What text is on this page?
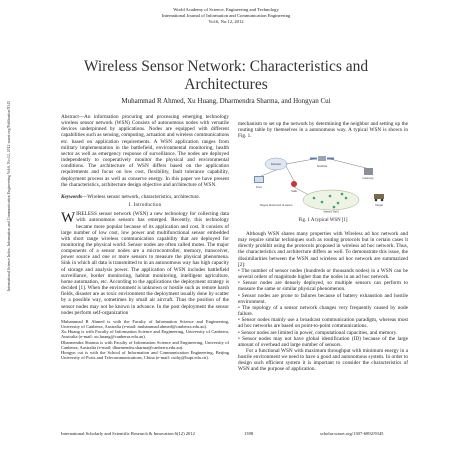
World Academy of Science, Engineering and Technology
International Journal of Information and Communication Engineering
Vol:6, No:12, 2012
International Science Index, Information and Communication Engineering Vol:6, No:12, 2012 waset.org/Publication/9345
Wireless Sensor Network: Characteristics and
Architectures
Muhammad R Ahmed, Xu Huang, Dharmendra Sharma, and Hongyan Cui

Abstract—An information procuring and processing emerging technology wireless sensor network (WSN) Consists of autonomous nodes with versatile devices underpinned by applications. Nodes are equipped with different capabilities such as sensing, computing, actuation and wireless communications etc. based on application requirements. A WSN application ranges from military implementation in the battlefield, environmental monitoring, health sector as well as emergency response of surveillance. The nodes are deployed independently to cooperatively monitor the physical and environmental conditions. The architecture of WSN differs based on the application requirements and focus on low cost, flexibility, fault tolerance capability, deployment process as well as conserve energy. In this paper we have present the characteristics, architecture design objective and architecture of WSN.

Keywords—Wireless sensor network, characteristics, architecture.

I. Introduction

WIRELESS sensor network (WSN) a new technology for collecting data with autonomous sensors has emerged. Recently, this technology became more popular because of its application and cost. It consists of large number of low cost, low power and multifunctional sensor embedded with short range wireless communication capability that are deployed for monitoring the physical world. Sensor nodes are often called motes. The major components of a sensor nodes are a microcontroller, memory, transceiver, power source and one or more sensors to measure the physical phenomena. Sink in which all data is transmitted to in an autonomous way has high capacity of storage and analysis power. The application of WSN includes battlefield surveillance, border monitoring, habitat monitoring, intelligent agriculture, home automation, etc. According to the applications the deployment strategy is decided [1]. When the environment is unknown or hostile such as remote harsh fields, disaster are as toxic environment the deployment usually done by scatter by a possible way, sometimes by small air aircraft. Thus the position of the sensor nodes may not be known in advance. In the post deployment the sensor nodes perform self-organization

Muhammad R Ahmed is with the Faculty of Information Science and Engineering, University of Canberra, Australia (e-mail: muhammad.ahmed@canberra.edu.au).

Xu Huang is with Faculty of Information Science and Engineering, University of Canberra, Australia (e-mail: xu.huang@canberra.edu.au).

Dharmendra Sharma is with Faculty of Information Science and Engineering, University of Canberra, Australia (e-mail: dharmendra.sharma@canberra.edu.au).

Hongyn cui is with the School of Information and Communication Engineering, Beijing University of Posts and Telecommunications, China (e-mail: cuihy@bupt.edu.cn).

mechanism to set up the network by determining the neighbor and setting up the routing table by themselves in a autonomous way. A typical WSN is shown in Fig. 1.
Satellite
Internet
User
Gateway
Sink
Sensor field
Target
Targets monitored in sensor
Fig. 1 A typical WSN [1]

Although WSN shares many properties with Wireless ad hoc network and may require similar techniques such as routing protocols but in certain cases it directly prohibit using the protocols proposed in wireless ad hoc network. Thus, the characteristics and architecture differs as well. To demonstrate this issue, the dissimilarities between the WSN and wireless ad hoc network are summarized [2]:

• The number of sensor nodes (hundreds or thousands nodes) in a WSN can be several orders of magnitude higher than the nodes in an ad hoc network.

• Sensor nodes are densely deployed, so multiple sensors can perform to measure the same or similar physical phenomenon.

• Sensor nodes are prone to failures because of battery exhaustion and hostile environment.

• The topology of a sensor network changes very frequently caused by node failure.

• Sensor nodes mainly use a broadcast communication paradigm, whereas most ad hoc networks are based on point-to-point communications.

• Sensor nodes are limited in power, computational capacities, and memory.

• Sensor nodes may not have global identification (ID) because of the large amount of overhead and large number of sensors.

For a functional WSN with maximum throughput with minimum energy in a hostile environment we need to have a good and autonomous system. In order to design such efficient system it is important to consider the characteristics of WSN and the purpose of application.

International Scholarly and Scientific Research & Innovation 6(12) 2012	1398	scholar.waset.org/1307-6892/9345
